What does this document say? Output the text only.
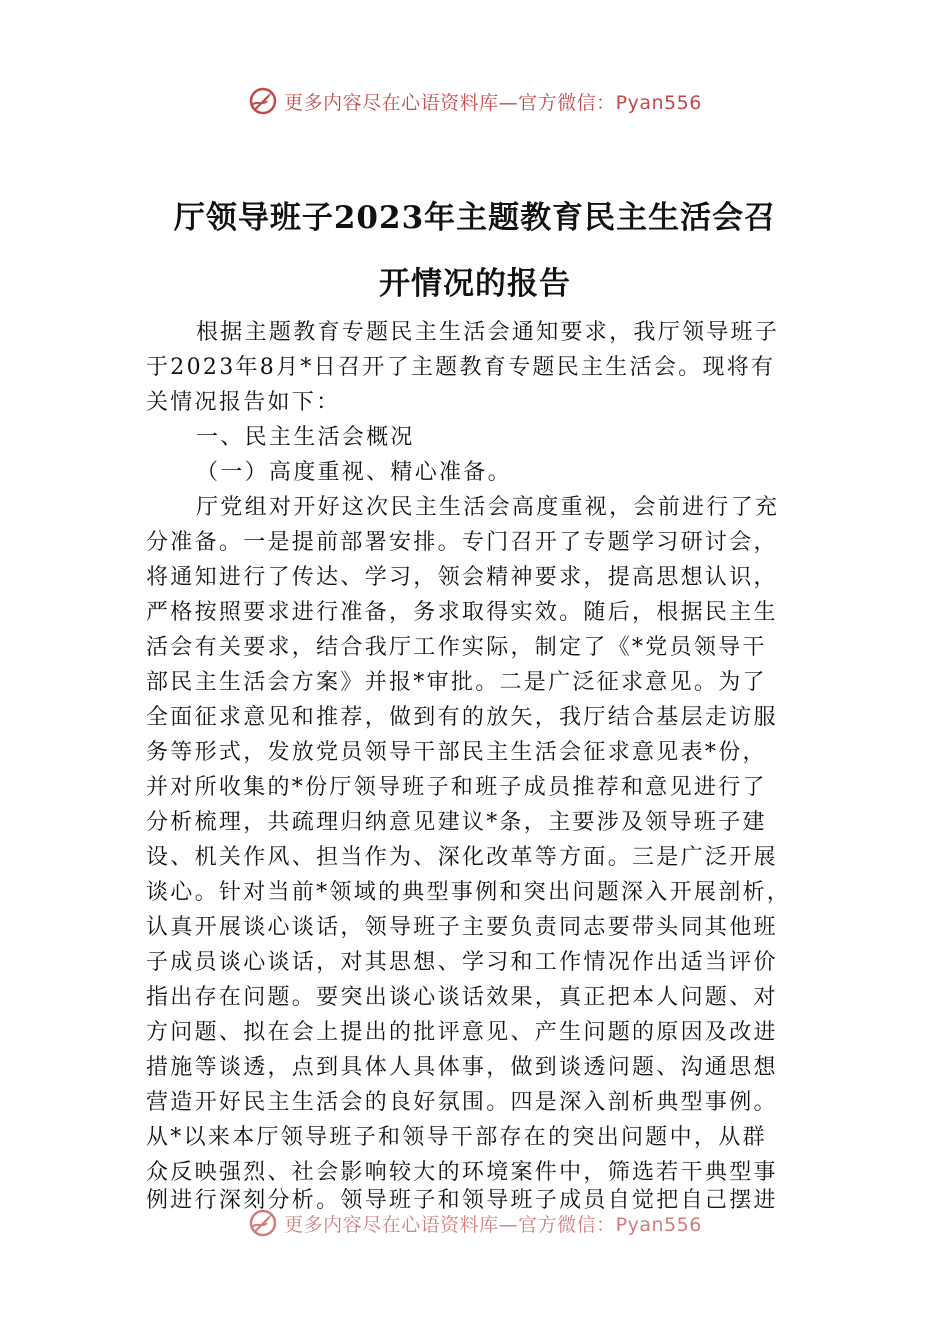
更多内容尽在心语资料库—官方微信：Pyan556
厅领导班子2023年主题教育民主生活会召
开情况的报告
根据主题教育专题民主生活会通知要求，我厅领导班子
于2023年8月*日召开了主题教育专题民主生活会。现将有
关情况报告如下：
一、民主生活会概况
（一）高度重视、精心准备。
厅党组对开好这次民主生活会高度重视，会前进行了充
分准备。一是提前部署安排。专门召开了专题学习研讨会，
将通知进行了传达、学习，领会精神要求，提高思想认识，
严格按照要求进行准备，务求取得实效。随后，根据民主生
活会有关要求，结合我厅工作实际，制定了《*党员领导干
部民主生活会方案》并报*审批。二是广泛征求意见。为了
全面征求意见和推荐，做到有的放矢，我厅结合基层走访服
务等形式，发放党员领导干部民主生活会征求意见表*份，
并对所收集的*份厅领导班子和班子成员推荐和意见进行了
分析梳理，共疏理归纳意见建议*条，主要涉及领导班子建
设、机关作风、担当作为、深化改革等方面。三是广泛开展
谈心。针对当前*领域的典型事例和突出问题深入开展剖析，
认真开展谈心谈话，领导班子主要负责同志要带头同其他班
子成员谈心谈话，对其思想、学习和工作情况作出适当评价
指出存在问题。要突出谈心谈话效果，真正把本人问题、对
方问题、拟在会上提出的批评意见、产生问题的原因及改进
措施等谈透，点到具体人具体事，做到谈透问题、沟通思想
营造开好民主生活会的良好氛围。四是深入剖析典型事例。
从*以来本厅领导班子和领导干部存在的突出问题中，从群
众反映强烈、社会影响较大的环境案件中，筛选若干典型事
例进行深刻分析。领导班子和领导班子成员自觉把自己摆进
更多内容尽在心语资料库—官方微信：Pyan556
